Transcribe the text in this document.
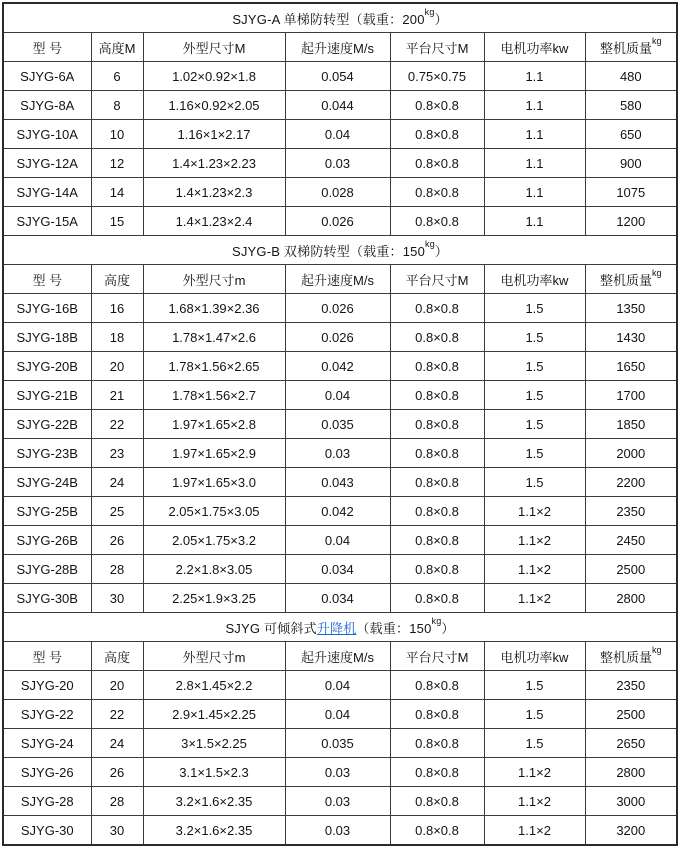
SJYG-A 单梯防转型（载重：$200^{kg}$）						
型 号	高度M	外型尺寸M	起升速度M/s	平台尺寸M	电机功率kw	整机质量$^{kg}$
SJYG-6A	6	1.02×0.92×1.8	0.054	0.75×0.75	1.1	480
SJYG-8A	8	1.16×0.92×2.05	0.044	0.8×0.8	1.1	580
SJYG-10A	10	1.16×1×2.17	0.04	0.8×0.8	1.1	650
SJYG-12A	12	1.4×1.23×2.23	0.03	0.8×0.8	1.1	900
SJYG-14A	14	1.4×1.23×2.3	0.028	0.8×0.8	1.1	1075
SJYG-15A	15	1.4×1.23×2.4	0.026	0.8×0.8	1.1	1200
SJYG-B 双梯防转型（载重：$150^{kg}$）						
型 号	高度	外型尺寸m	起升速度M/s	平台尺寸M	电机功率kw	整机质量$^{kg}$
SJYG-16B	16	1.68×1.39×2.36	0.026	0.8×0.8	1.5	1350
SJYG-18B	18	1.78×1.47×2.6	0.026	0.8×0.8	1.5	1430
SJYG-20B	20	1.78×1.56×2.65	0.042	0.8×0.8	1.5	1650
SJYG-21B	21	1.78×1.56×2.7	0.04	0.8×0.8	1.5	1700
SJYG-22B	22	1.97×1.65×2.8	0.035	0.8×0.8	1.5	1850
SJYG-23B	23	1.97×1.65×2.9	0.03	0.8×0.8	1.5	2000
SJYG-24B	24	1.97×1.65×3.0	0.043	0.8×0.8	1.5	2200
SJYG-25B	25	2.05×1.75×3.05	0.042	0.8×0.8	1.1×2	2350
SJYG-26B	26	2.05×1.75×3.2	0.04	0.8×0.8	1.1×2	2450
SJYG-28B	28	2.2×1.8×3.05	0.034	0.8×0.8	1.1×2	2500
SJYG-30B	30	2.25×1.9×3.25	0.034	0.8×0.8	1.1×2	2800
SJYG 可倾斜式升降机（载重：$150^{kg}$）						
型 号	高度	外型尺寸m	起升速度M/s	平台尺寸M	电机功率kw	整机质量$^{kg}$
SJYG-20	20	2.8×1.45×2.2	0.04	0.8×0.8	1.5	2350
SJYG-22	22	2.9×1.45×2.25	0.04	0.8×0.8	1.5	2500
SJYG-24	24	3×1.5×2.25	0.035	0.8×0.8	1.5	2650
SJYG-26	26	3.1×1.5×2.3	0.03	0.8×0.8	1.1×2	2800
SJYG-28	28	3.2×1.6×2.35	0.03	0.8×0.8	1.1×2	3000
SJYG-30	30	3.2×1.6×2.35	0.03	0.8×0.8	1.1×2	3200
